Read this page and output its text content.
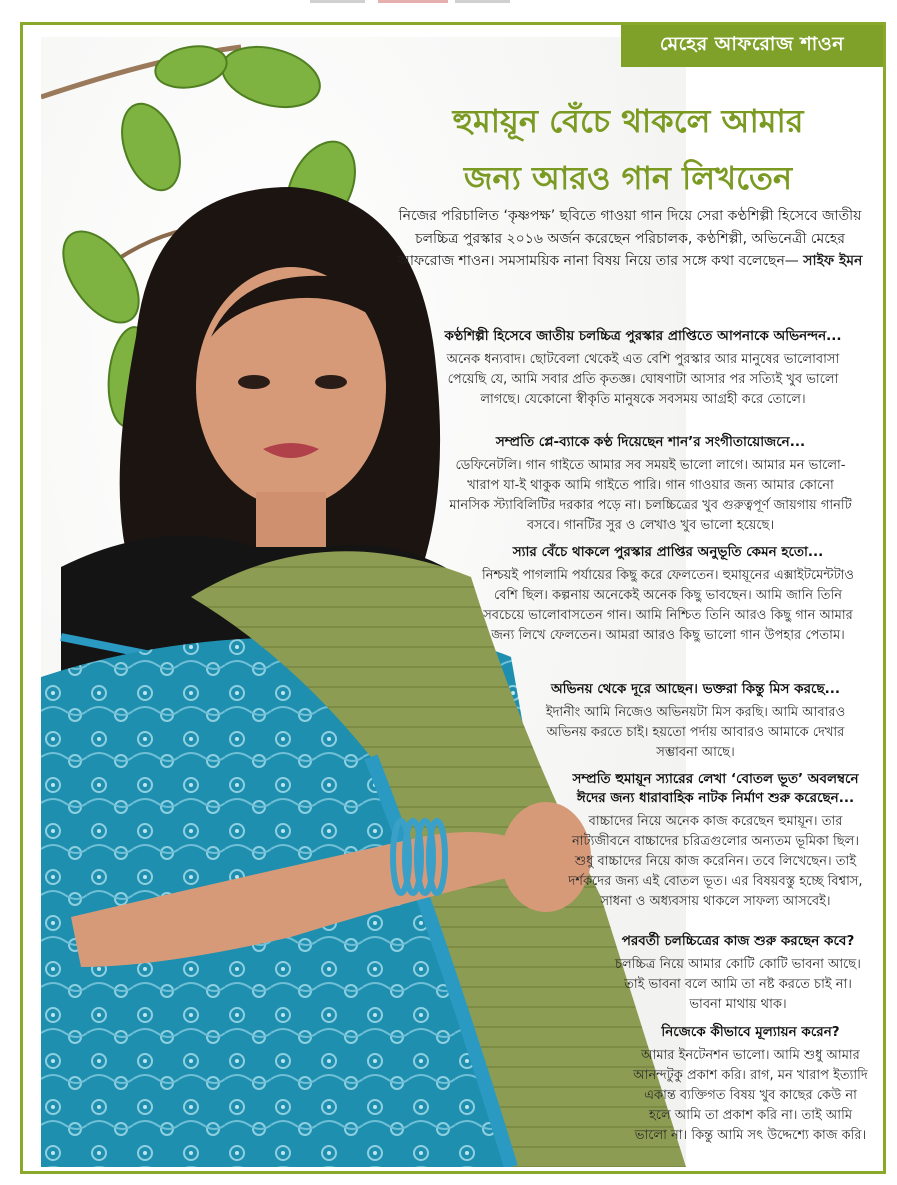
মেহের আফরোজ শাওন
হুমায়ূন বেঁচে থাকলে আমার
জন্য আরও গান লিখতেন
নিজের পরিচালিত ‘কৃষ্ণপক্ষ’ ছবিতে গাওয়া গান দিয়ে সেরা কণ্ঠশিল্পী হিসেবে জাতীয় চলচ্চিত্র পুরস্কার ২০১৬ অর্জন করেছেন পরিচালক, কণ্ঠশিল্পী, অভিনেত্রী মেহের আফরোজ শাওন। সমসাময়িক নানা বিষয় নিয়ে তার সঙ্গে কথা বলেছেন— সাইফ ইমন
কণ্ঠশিল্পী হিসেবে জাতীয় চলচ্চিত্র পুরস্কার প্রাপ্তিতে আপনাকে অভিনন্দন...
অনেক ধন্যবাদ। ছোটবেলা থেকেই এত বেশি পুরস্কার আর মানুষের ভালোবাসা পেয়েছি যে, আমি সবার প্রতি কৃতজ্ঞ। ঘোষণাটা আসার পর সত্যিই খুব ভালো লাগছে। যেকোনো স্বীকৃতি মানুষকে সবসময় আগ্রহী করে তোলে।
সম্প্রতি প্লে-ব্যাকে কণ্ঠ দিয়েছেন শান’র সংগীতায়োজনে...
ডেফিনেটলি। গান গাইতে আমার সব সময়ই ভালো লাগে। আমার মন ভালো-খারাপ যা-ই থাকুক আমি গাইতে পারি। গান গাওয়ার জন্য আমার কোনো মানসিক স্ট্যাবিলিটির দরকার পড়ে না। চলচ্চিত্রের খুব গুরুত্বপূর্ণ জায়গায় গানটি বসবে। গানটির সুর ও লেখাও খুব ভালো হয়েছে।
স্যার বেঁচে থাকলে পুরস্কার প্রাপ্তির অনুভূতি কেমন হতো...
নিশ্চয়ই পাগলামি পর্যায়ের কিছু করে ফেলতেন। হুমায়ূনের এক্সাইটমেন্টটাও বেশি ছিল। কল্পনায় অনেকেই অনেক কিছু ভাবছেন। আমি জানি তিনি সবচেয়ে ভালোবাসতেন গান। আমি নিশ্চিত তিনি আরও কিছু গান আমার জন্য লিখে ফেলতেন। আমরা আরও কিছু ভালো গান উপহার পেতাম।
অভিনয় থেকে দূরে আছেন। ভক্তরা কিন্তু মিস করছে...
ইদানীং আমি নিজেও অভিনয়টা মিস করছি। আমি আবারও অভিনয় করতে চাই। হয়তো পর্দায় আবারও আমাকে দেখার সম্ভাবনা আছে।
সম্প্রতি হুমায়ূন স্যারের লেখা ‘বোতল ভূত’ অবলম্বনে ঈদের জন্য ধারাবাহিক নাটক নির্মাণ শুরু করেছেন...
বাচ্চাদের নিয়ে অনেক কাজ করেছেন হুমায়ূন। তার নাট্যজীবনে বাচ্চাদের চরিত্রগুলোর অন্যতম ভূমিকা ছিল। শুধু বাচ্চাদের নিয়ে কাজ করেনিন। তবে লিখেছেন। তাই দর্শকদের জন্য এই বোতল ভূত। এর বিষয়বস্তু হচ্ছে বিশ্বাস, সাধনা ও অধ্যবসায় থাকলে সাফল্য আসবেই।
পরবর্তী চলচ্চিত্রের কাজ শুরু করছেন কবে?
চলচ্চিত্র নিয়ে আমার কোটি কোটি ভাবনা আছে। তাই ভাবনা বলে আমি তা নষ্ট করতে চাই না। ভাবনা মাথায় থাক।
নিজেকে কীভাবে মূল্যায়ন করেন?
আমার ইনটেনশন ভালো। আমি শুধু আমার আনন্দটুকু প্রকাশ করি। রাগ, মন খারাপ ইত্যাদি একান্ত ব্যক্তিগত বিষয় খুব কাছের কেউ না হলে আমি তা প্রকাশ করি না। তাই আমি ভালো না। কিন্তু আমি সৎ উদ্দেশ্যে কাজ করি।
